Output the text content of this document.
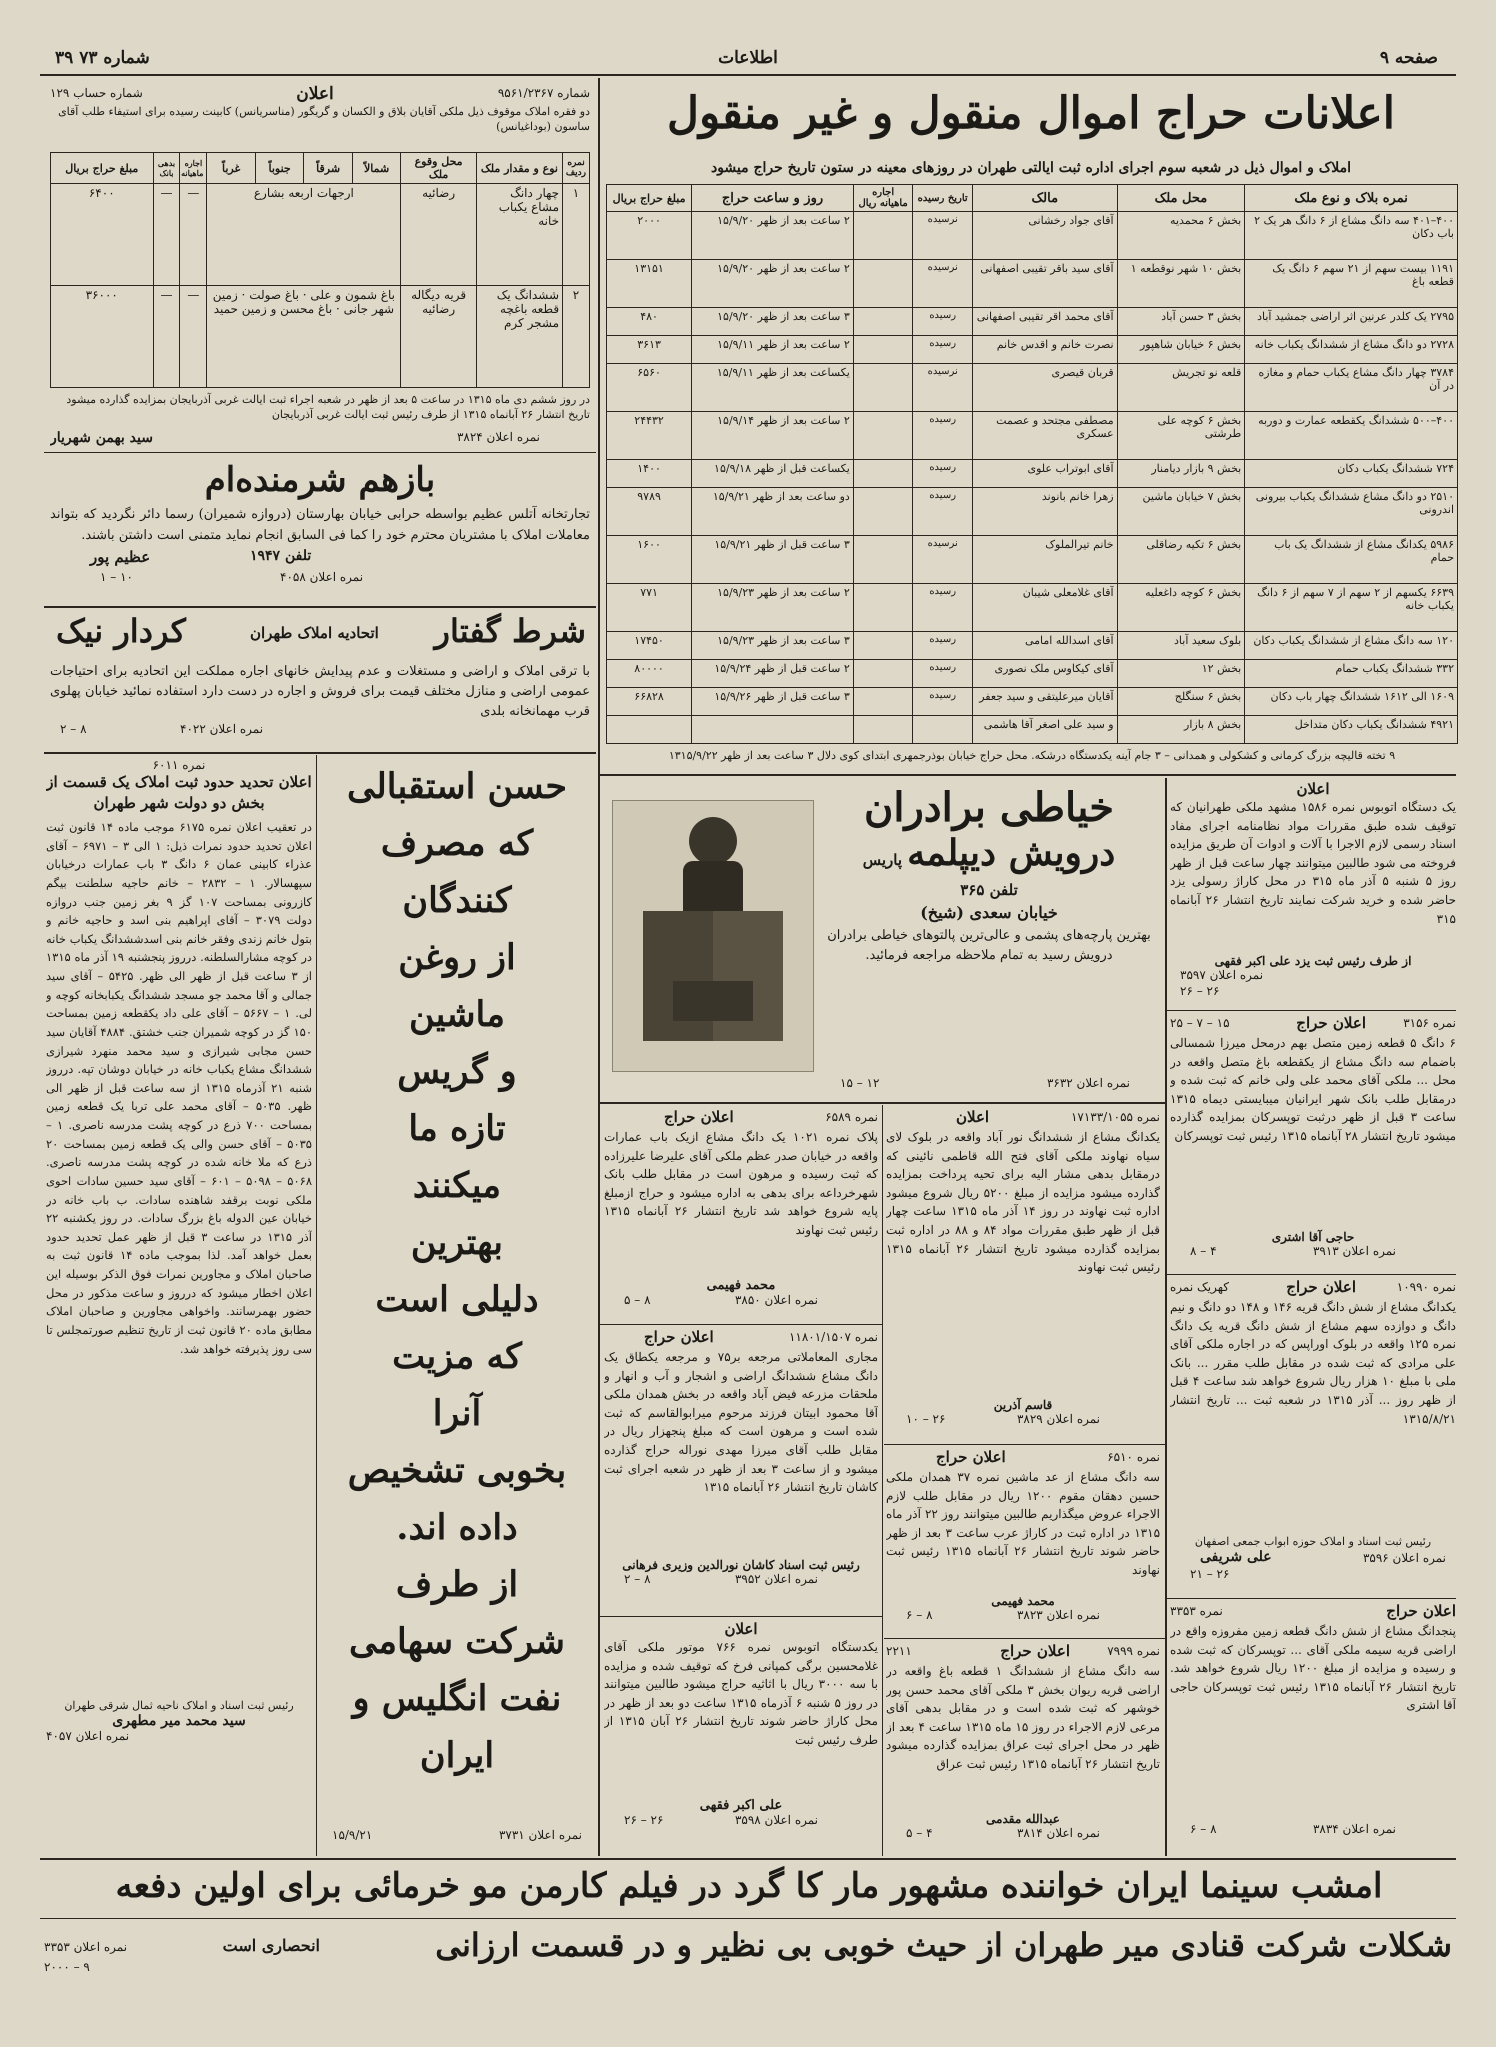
صفحه ۹
اطلاعات
شماره ۷۳ ۳۹
اعلانات حراج اموال منقول و غیر منقول
املاک و اموال ذیل در شعبه سوم اجرای اداره ثبت ایالتی طهران در روزهای معینه در ستون تاریخ حراج میشود
نمره بلاک و نوع ملک	محل ملک	مالک	تاریخ رسیده	اجاره ماهیانه ریال	روز و ساعت حراج	مبلغ حراج بریال
۴۰۰–۴۰۱ سه دانگ مشاع از ۶ دانگ هر یک ۲ باب دکان	بخش ۶ محمدیه	آقای جواد رخشانی	نرسیده		۲ ساعت بعد از ظهر ۱۵/۹/۲۰	۲۰۰۰
۱۱۹۱ بیست سهم از ۲۱ سهم ۶ دانگ یک قطعه باغ	بخش ۱۰ شهر نوقطعه ۱	آقای سید باقر تقیبی اصفهانی	نرسیده		۲ ساعت بعد از ظهر ۱۵/۹/۲۰	۱۳۱۵۱
۲۷۹۵ یک کلدر عرنین اثر اراضی جمشید آباد	بخش ۳ حسن آباد	آقای محمد اقر تقیبی اصفهانی	رسیده		۳ ساعت بعد از ظهر ۱۵/۹/۲۰	۴۸۰
۲۷۲۸ دو دانگ مشاع از ششدانگ یکباب خانه	بخش ۶ خیابان شاهپور	نصرت خانم و اقدس خانم	رسیده		۲ ساعت بعد از ظهر ۱۵/۹/۱۱	۳۶۱۳
۳۷۸۴ چهار دانگ مشاع یکباب حمام و مغازه در آن	قلعه نو تجریش	قربان قیصری	نرسیده		یکساعت بعد از ظهر ۱۵/۹/۱۱	۶۵۶۰
۴۰۰–۵۰۰ ششدانگ یکقطعه عمارت و دوربه	بخش ۶ کوچه علی طرشتی	مصطفی مجتحد و عصمت عسکری	رسیده		۲ ساعت بعد از ظهر ۱۵/۹/۱۴	۲۴۴۳۲
۷۲۴ ششدانگ یکباب دکان	بخش ۹ بازار دیامنار	آقای ابوتراب علوی	رسیده		یکساعت قبل از ظهر ۱۵/۹/۱۸	۱۴۰۰
۲۵۱۰ دو دانگ مشاع ششدانگ یکباب بیرونی اندرونی	بخش ۷ خیابان ماشین	زهرا خانم بانوند	رسیده		دو ساعت بعد از ظهر ۱۵/۹/۲۱	۹۷۸۹
۵۹۸۶ یکدانگ مشاع از ششدانگ یک باب حمام	بخش ۶ تکیه رضاقلی	خانم تیرالملوک	نرسیده		۳ ساعت قبل از ظهر ۱۵/۹/۲۱	۱۶۰۰
۶۶۳۹ یکسهم از ۲ سهم از ۷ سهم از ۶ دانگ یکباب خانه	بخش ۶ کوچه داغعلیه	آقای غلامعلی شیبان	رسیده		۲ ساعت بعد از ظهر ۱۵/۹/۲۳	۷۷۱
۱۲۰ سه دانگ مشاع از ششدانگ یکباب دکان	بلوک سعید آباد	آقای اسدالله امامی	رسیده		۳ ساعت بعد از ظهر ۱۵/۹/۲۳	۱۷۴۵۰
۳۳۲ ششدانگ یکباب حمام	بخش ۱۲	آقای کیکاوس ملک نصوری	رسیده		۲ ساعت قبل از ظهر ۱۵/۹/۲۴	۸۰۰۰۰
۱۶۰۹ الی ۱۶۱۲ ششدانگ چهار باب دکان	بخش ۶ سنگلج	آقایان میرعلیتقی و سید جعفر	رسیده		۳ ساعت قبل از ظهر ۱۵/۹/۲۶	۶۶۸۲۸
۴۹۲۱ ششدانگ یکباب دکان متداخل	بخش ۸ بازار	و سید علی اصغر آقا هاشمی				
۹ تخته قالیچه بزرگ کرمانی و کشکولی و همدانی – ۳ جام آینه یکدستگاه درشکه. محل حراج خیابان بوذرجمهری ابتدای کوی دلال ۳ ساعت بعد از ظهر ۱۳۱۵/۹/۲۲
شماره ۹۵۶۱/۲۳۶۷
اعلان
شماره حساب ۱۲۹
دو فقره املاک موقوف ذیل ملکی آقایان بلاق و الکسان و گریگور (مناسریانس) کابینت رسیده برای استیفاء طلب آقای ساسون (بوداغیانس)
نمره ردیف	نوع و مقدار ملک	محل وقوع ملک	شمالاً	شرقاً	جنوباً	غرباً	اجاره ماهیانه	بدهی بانک	مبلغ حراج بریال
۱	چهار دانگ مشاع یکباب خانه	رضائیه	ارجهات اربعه بشارع				—	—	۶۴۰۰
۲	ششدانگ یک قطعه باغچه مشجر کرم	قریه دیگاله رضائیه	باغ شمون و علی · باغ صولت · زمین شهر جانی · باغ محسن و زمین حمید				—	—	۳۶۰۰۰
در روز ششم دی ماه ۱۳۱۵ در ساعت ۵ بعد از ظهر در شعبه اجراء ثبت ایالت غربی آذربایجان بمزایده گذارده میشود تاریخ انتشار ۲۶ آبانماه ۱۳۱۵ از طرف رئیس ثبت ایالت غربی آذربایجان
نمره اعلان ۳۸۲۴
سید بهمن شهریار
بازهم شرمنده‌ام
تجارتخانه آتلس عظیم بواسطه حرابی خیابان بهارستان (دروازه شمیران) رسما دائر نگردید که بتواند معاملات املاک با مشتریان محترم خود را کما فی السابق انجام نماید متمنی است داشتن باشند.
عظیم پور	تلفن ۱۹۴۷
نمره اعلان ۴۰۵۸
۱۰ – ۱
شرط گفتار
اتحادیه املاک طهران
کردار نیک
با ترقی املاک و اراضی و مستغلات و عدم پیدایش خانهای اجاره مملکت این اتحادیه برای احتیاجات عمومی اراضی و منازل مختلف قیمت برای فروش و اجاره در دست دارد استفاده نمائید خیابان پهلوی قرب مهمانخانه بلدی
نمره اعلان ۴۰۲۲
۸ – ۲
نمره ۶۰۱۱
اعلان تحدید حدود ثبت املاک یک قسمت از بخش دو دولت شهر طهران
در تعقیب اعلان نمره ۶۱۷۵ موجب ماده ۱۴ قانون ثبت اعلان تحدید حدود نمرات ذیل: ۱ الی ۳ – ۶۹۷۱ – آقای عذراء کابینی عمان ۶ دانگ ۳ باب عمارات درخیابان سپهسالار. ۱ – ۲۸۳۲ – خانم حاجیه سلطنت بیگم کازرونی بمساحت ۱۰۷ گز ۹ بغر زمین جنب دروازه دولت ۳۰۷۹ – آقای اپراهیم بنی اسد و حاجیه خانم و بتول خانم زندی وفقر خانم بنی اسدششدانگ یکباب خانه در کوچه مشارالسلطنه. درروز پنجشنبه ۱۹ آذر ماه ۱۳۱۵ از ۳ ساعت قبل از ظهر الی ظهر. ۵۴۲۵ – آقای سید جمالی و آقا محمد جو مسجد ششدانگ یکبابخانه کوچه و لی. ۱ – ۵۶۶۷ – آقای علی داد یکقطعه زمین بمساحت ۱۵۰ گز در کوچه شمیران جنب خشتق. ۴۸۸۴ آقایان سید حسن مجابی شیرازی و سید محمد منهرد شیرازی ششدانگ مشاع یکباب خانه در خیابان دوشان تپه. درروز شنبه ۲۱ آذرماه ۱۳۱۵ از سه ساعت قبل از ظهر الی ظهر. ۵۰۳۵ – آقای محمد علی تربا یک قطعه زمین بمساحت ۷۰۰ ذرع در کوچه پشت مدرسه ناصری. ۱ – ۵۰۳۵ – آقای حسن والی یک قطعه زمین بمساحت ۲۰ ذرع که ملا خانه شده در کوچه پشت مدرسه ناصری. ۵۰۶۸ – ۵۰۹۸ – ۶۰۱ – آقای سید حسین سادات احوی ملکی نوبت برقفد شاهنده سادات. ب باب خانه در خیابان عین الدوله باغ بزرگ سادات. در روز یکشنبه ۲۲ آذر ۱۳۱۵ در ساعت ۳ قبل از ظهر عمل تحدید حدود بعمل خواهد آمد. لذا بموجب ماده ۱۴ قانون ثبت به صاحبان املاک و مجاورین نمرات فوق الذکر بوسیله این اعلان اخطار میشود که درروز و ساعت مذکور در محل حضور بهمرسانند. واخواهی مجاورین و صاحبان املاک مطابق ماده ۲۰ قانون ثبت از تاریخ تنظیم صورتمجلس تا سی روز پذیرفته خواهد شد.
رئیس ثبت اسناد و املاک ناحیه ثمال شرقی طهران
سید محمد میر مطهری
نمره اعلان ۴۰۵۷
حسن استقبالی
که مصرف
کنندگان
از روغن
ماشین
و گریس
تازه ما
میکنند
بهترین
دلیلی است
که مزیت
آنرا
بخوبی تشخیص
داده اند.
از طرف
شرکت سهامی
نفت انگلیس و
ایران
نمره اعلان ۳۷۳۱
۱۵/۹/۲۱
خیاطی برادران
درویش دیپلمه پاریس
تلفن ۳۶۵
خیابان سعدی (شیخ)
بهترین پارچه‌های پشمی و عالی‌ترین پالتوهای خیاطی برادران درویش رسید به تمام ملاحظه مراجعه فرمائید.
نمره اعلان ۳۶۳۲
۱۲ – ۱۵
نمره ۶۵۸۹
اعلان حراج
پلاک نمره ۱۰۲۱ یک دانگ مشاع ازیک باب عمارات واقعه در خیابان صدر عظم ملکی آقای علیرضا علیرزاده که ثبت رسیده و مرهون است در مقابل طلب بانک شهرخرداعه برای بدهی به اداره میشود و حراج ازمبلغ پایه شروع خواهد شد تاریخ انتشار ۲۶ آبانماه ۱۳۱۵ رئیس ثبت نهاوند
محمد فهیمی
نمره اعلان ۳۸۵۰
۸ – ۵
نمره ۱۱۸۰۱/۱۵۰۷
اعلان حراج
مجاری المعاملاتی مرجعه بر۷۵ و مرجعه یکطاق یک دانگ مشاع ششدانگ اراضی و اشجار و آب و انهار و ملحقات مزرعه فیض آباد واقعه در بخش همدان ملکی آقا محمود ابیتان فرزند مرحوم میرابوالقاسم که ثبت شده است و مرهون است که مبلغ پنجهزار ریال در مقابل طلب آقای میرزا مهدی نوراله حراج گذارده میشود و از ساعت ۳ بعد از ظهر در شعبه اجرای ثبت کاشان تاریخ انتشار ۲۶ آبانماه ۱۳۱۵
رئیس ثبت اسناد کاشان نورالدین وزیری فرهانی
نمره اعلان ۳۹۵۲
۸ – ۲
اعلان
یکدستگاه اتوبوس نمره ۷۶۶ موتور ملکی آقای غلامحسین برگی کمپانی فرخ که توقیف شده و مزایده با سه ۳۰۰۰ ریال با اثاثیه حراج میشود طالبین میتوانند در روز ۵ شنبه ۶ آذرماه ۱۳۱۵ ساعت دو بعد از ظهر در محل کاراژ حاضر شوند تاریخ انتشار ۲۶ آبان ۱۳۱۵ از طرف رئیس ثبت
علی اکبر فقهی
نمره اعلان ۳۵۹۸
۲۶ – ۲۶
نمره ۱۷۱۳۳/۱۰۵۵
اعلان
یکدانگ مشاع از ششدانگ نور آباد واقعه در بلوک لای سیاه نهاوند ملکی آقای فتح الله قاطمی نائینی که درمقابل بدهی مشار الیه برای تحیه پرداخت بمزایده گذارده میشود مزایده از مبلغ ۵۲۰۰ ریال شروع میشود اداره ثبت نهاوند در روز ۱۴ آذر ماه ۱۳۱۵ ساعت چهار قبل از ظهر طبق مقررات مواد ۸۴ و ۸۸ در اداره ثبت بمزایده گذارده میشود تاریخ انتشار ۲۶ آبانماه ۱۳۱۵ رئیس ثبت نهاوند
قاسم آذرین
نمره اعلان ۳۸۲۹
۲۶ – ۱۰
نمره ۶۵۱۰
اعلان حراج
سه دانگ مشاع از عد ماشین نمره ۳۷ همدان ملکی حسین دهقان مقوم ۱۲۰۰ ریال در مقابل طلب لازم الاجراء عروض میگذاریم طالبین میتوانند روز ۲۲ آذر ماه ۱۳۱۵ در اداره ثبت در کاراژ عرب ساعت ۳ بعد از ظهر حاضر شوند تاریخ انتشار ۲۶ آبانماه ۱۳۱۵ رئیس ثبت نهاوند
محمد فهیمی
نمره اعلان ۳۸۲۳
۸ – ۶
نمره ۷۹۹۹
اعلان حراج
۲۲۱۱
سه دانگ مشاع از ششدانگ ۱ قطعه باغ واقعه در اراضی قریه ریوان بخش ۳ ملکی آقای محمد حسن پور خوشهر که ثبت شده است و در مقابل بدهی آقای مرعی لازم الاجراء در روز ۱۵ ماه ۱۳۱۵ ساعت ۴ بعد از ظهر در محل اجرای ثبت عراق بمزایده گذارده میشود تاریخ انتشار ۲۶ آبانماه ۱۳۱۵ رئیس ثبت عراق
عبدالله مقدمی
نمره اعلان ۳۸۱۴
۴ – ۵
اعلان
یک دستگاه اتوبوس نمره ۱۵۸۶ مشهد ملکی طهرانیان که توقیف شده طبق مقررات مواد نظامنامه اجرای مفاد اسناد رسمی لازم الاجرا با آلات و ادوات آن طریق مزایده فروخته می شود طالبین میتوانند چهار ساعت قبل از ظهر روز ۵ شنبه ۵ آذر ماه ۳۱۵ در محل کاراژ رسولی یزد حاضر شده و خرید شرکت نمایند تاریخ انتشار ۲۶ آبانماه ۳۱۵
از طرف رئیس ثبت یزد علی اکبر فقهی
نمره اعلان ۳۵۹۷
۲۶ – ۲۶
نمره ۳۱۵۶
اعلان حراج
۱۵ – ۷ – ۲۵
۶ دانگ ۵ قطعه زمین متصل بهم درمحل میرزا شمسالی باضمام سه دانگ مشاع از یکقطعه باغ متصل واقعه در محل ... ملکی آقای محمد علی ولی خانم که ثبت شده و درمقابل طلب بانک شهر ایرانیان میبایستی دیماه ۱۳۱۵ ساعت ۳ قبل از ظهر درثبت توپسرکان بمزایده گذارده میشود تاریخ انتشار ۲۸ آبانماه ۱۳۱۵ رئیس ثبت توپسرکان
حاجی آقا اشتری
نمره اعلان ۳۹۱۳
۴ – ۸
نمره ۱۰۹۹۰
اعلان حراج
کهریک نمره
یکدانگ مشاع از شش دانگ قریه ۱۴۶ و ۱۴۸ دو دانگ و نیم دانگ و دوازده سهم مشاع از شش دانگ قریه یک دانگ نمره ۱۲۵ واقعه در بلوک اوراپس که در اجاره ملکی آقای علی مرادی که ثبت شده در مقابل طلب مقرر ... بانک ملی با مبلغ ۱۰ هزار ریال شروع خواهد شد ساعت ۴ قبل از ظهر روز ... آذر ۱۳۱۵ در شعبه ثبت ... تاریخ انتشار ۱۳۱۵/۸/۲۱
رئیس ثبت اسناد و املاک حوزه ابواب جمعی اصفهان
نمره اعلان ۳۵۹۶
علی شریفی
۲۶ – ۲۱
نمره ۳۳۵۳	اعلان حراج
پنجدانگ مشاع از شش دانگ قطعه زمین مفروزه واقع در اراضی قریه سیمه ملکی آقای ... توپسرکان که ثبت شده و رسیده و مزایده از مبلغ ۱۲۰۰ ریال شروع خواهد شد. تاریخ انتشار ۲۶ آبانماه ۱۳۱۵ رئیس ثبت توپسرکان حاجی آقا اشتری
نمره اعلان ۳۸۳۴
۸ – ۶
امشب سینما ایران خواننده مشهور مار کا گرد در فیلم کارمن مو خرمائی برای اولین دفعه
شکلات شرکت قنادی میر طهران از حیث خوبی بی نظیر و در قسمت ارزانی
انحصاری است
نمره اعلان ۳۳۵۳
۹ – ۲۰۰۰
